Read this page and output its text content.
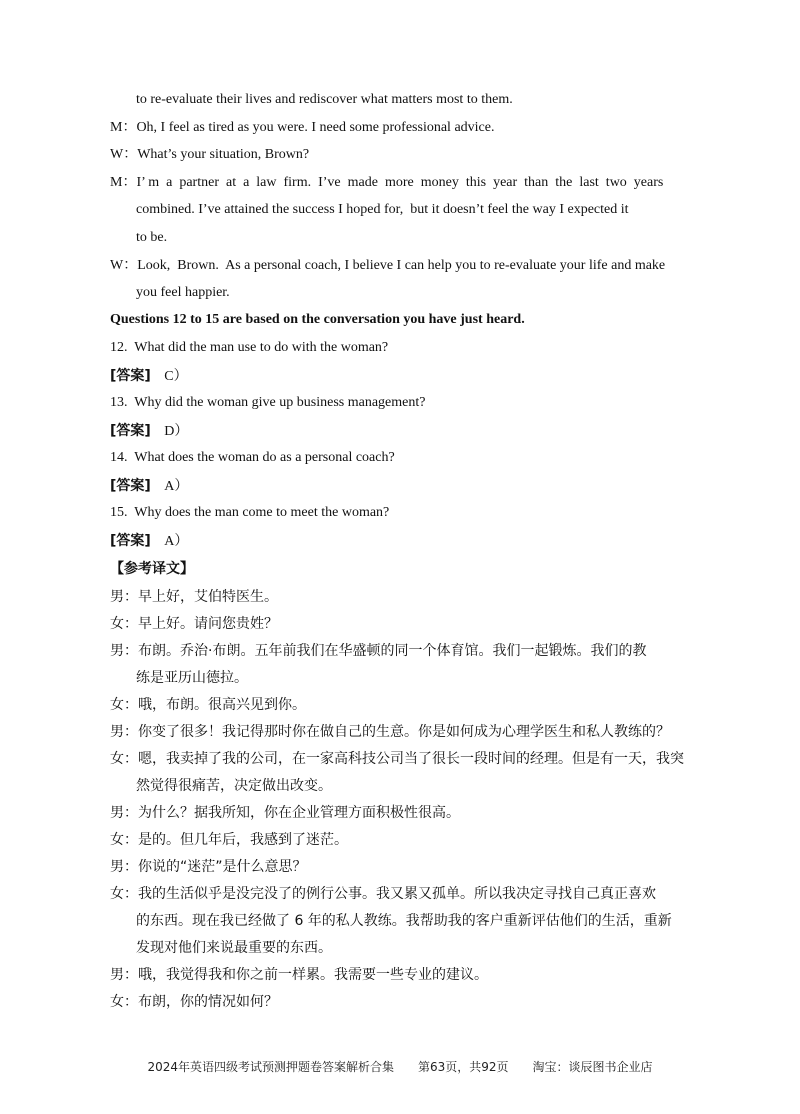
to re-evaluate their lives and rediscover what matters most to them.
M：Oh, I feel as tired as you were. I need some professional advice.
W：What’s your situation, Brown?
M：I’ m  a  partner  at  a  law  firm.  I’ve  made  more  money  this  year  than  the  last  two  years
combined. I’ve attained the success I hoped for,  but it doesn’t feel the way I expected it
to be.
W：Look,  Brown.  As a personal coach, I believe I can help you to re-evaluate your life and make
you feel happier.
Questions 12 to 15 are based on the conversation you have just heard.
12.  What did the man use to do with the woman?
[答案] C）
13.  Why did the woman give up business management?
[答案] D）
14.  What does the woman do as a personal coach?
[答案] A）
15.  Why does the man come to meet the woman?
[答案] A）
【参考译文】
男：早上好，艾伯特医生。
女：早上好。请问您贵姓？
男：布朗。乔治·布朗。五年前我们在华盛顿的同一个体育馆。我们一起锻炼。我们的教
练是亚历山德拉。
女：哦，布朗。很高兴见到你。
男：你变了很多！我记得那时你在做自己的生意。你是如何成为心理学医生和私人教练的？
女：嗯，我卖掉了我的公司，在一家高科技公司当了很长一段时间的经理。但是有一天，我突
然觉得很痛苦，决定做出改变。
男：为什么？据我所知，你在企业管理方面积极性很高。
女：是的。但几年后，我感到了迷茫。
男：你说的“迷茫”是什么意思？
女：我的生活似乎是没完没了的例行公事。我又累又孤单。所以我决定寻找自己真正喜欢
的东西。现在我已经做了 6 年的私人教练。我帮助我的客户重新评估他们的生活，重新
发现对他们来说最重要的东西。
男：哦，我觉得我和你之前一样累。我需要一些专业的建议。
女：布朗，你的情况如何？
2024年英语四级考试预测押题卷答案解析合集　　第63页，共92页　　淘宝：谈辰图书企业店
